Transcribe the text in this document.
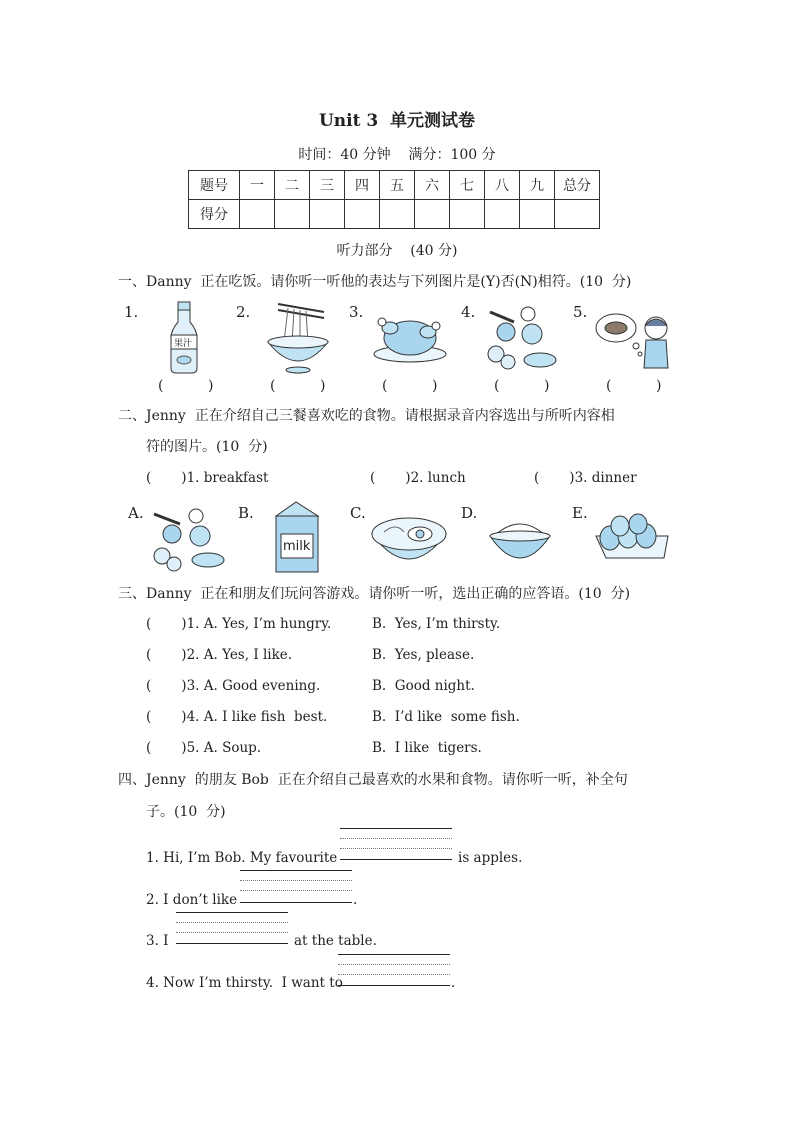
Unit 3  单元测试卷
时间：40 分钟    满分：100 分
题号	一	二	三	四	五	六	七	八	九	总分
得分										
听力部分    (40 分)
一、Danny  正在吃饭。请你听一听他的表达与下列图片是(Y)否(N)相符。(10  分)
1.	2.	3.	4.	5.
果汁
(          )	(          )	(          )	(          )	(          )
二、Jenny  正在介绍自己三餐喜欢吃的食物。请根据录音内容选出与所听内容相
符的图片。(10  分)
(       )1. breakfast	(       )2. lunch	(       )3. dinner
A.	B.	C.	D.	E.
milk
三、Danny  正在和朋友们玩问答游戏。请你听一听，选出正确的应答语。(10  分)
(       )1. A. Yes, I’m hungry.	B.  Yes, I’m thirsty.
(       )2. A. Yes, I like.	B.  Yes, please.
(       )3. A. Good evening.	B.  Good night.
(       )4. A. I like fish  best.	B.  I’d like  some fish.
(       )5. A. Soup.	B.  I like  tigers.
四、Jenny  的朋友 Bob  正在介绍自己最喜欢的水果和食物。请你听一听，补全句
子。(10  分)
1. Hi, I’m Bob. My favourite	is apples.
2. I don’t like	.
3. I	at the table.
4. Now I’m thirsty.  I want to	.
